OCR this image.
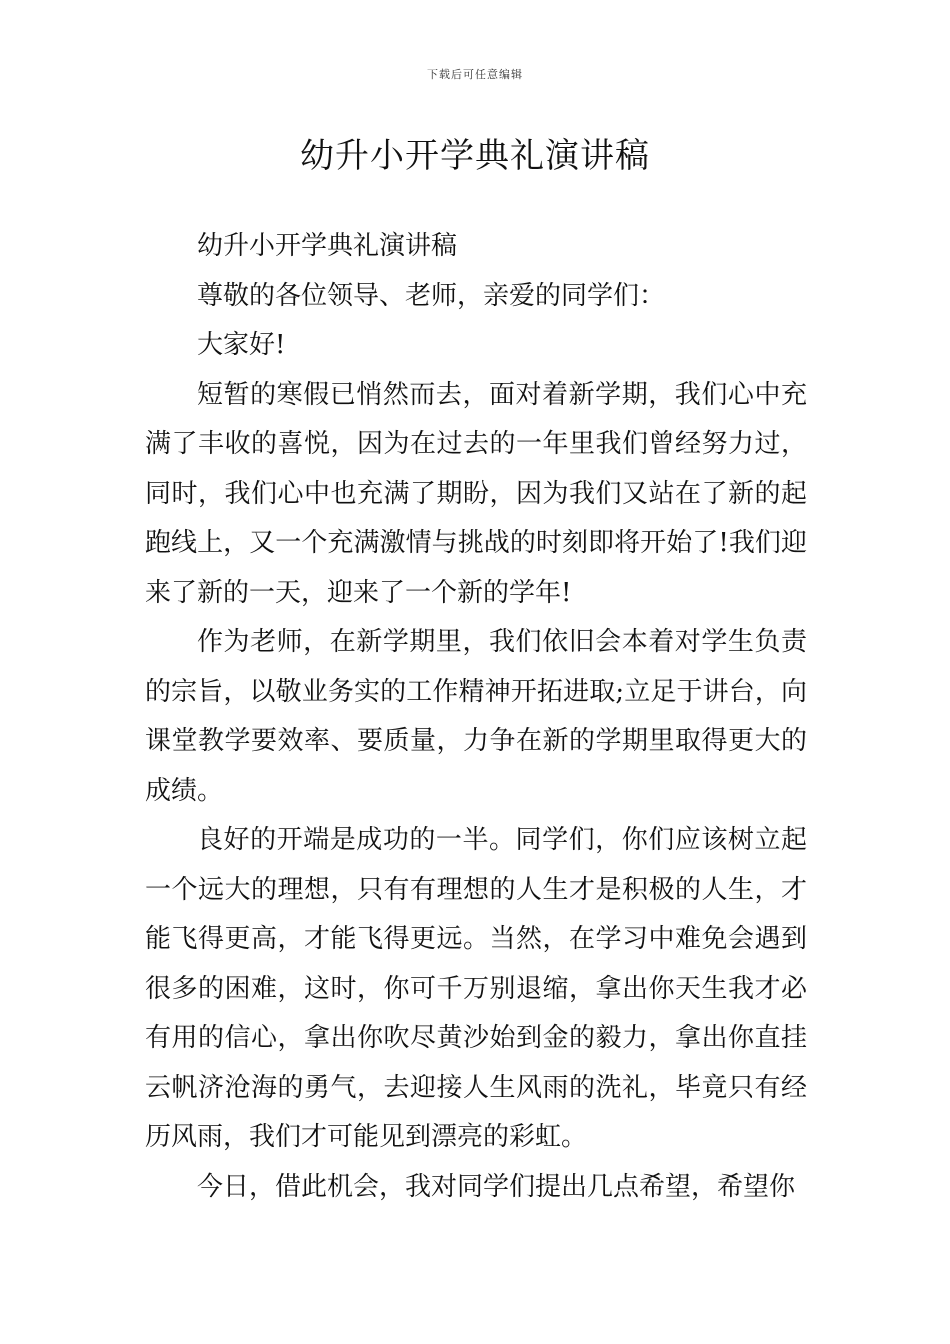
下载后可任意编辑
幼升小开学典礼演讲稿

幼升小开学典礼演讲稿

尊敬的各位领导、老师，亲爱的同学们：

大家好!

短暂的寒假已悄然而去，面对着新学期，我们心中充满了丰收的喜悦，因为在过去的一年里我们曾经努力过，同时，我们心中也充满了期盼，因为我们又站在了新的起跑线上，又一个充满激情与挑战的时刻即将开始了!我们迎来了新的一天，迎来了一个新的学年!

作为老师，在新学期里，我们依旧会本着对学生负责的宗旨，以敬业务实的工作精神开拓进取;立足于讲台，向课堂教学要效率、要质量，力争在新的学期里取得更大的成绩。

良好的开端是成功的一半。同学们，你们应该树立起一个远大的理想，只有有理想的人生才是积极的人生，才能飞得更高，才能飞得更远。当然，在学习中难免会遇到很多的困难，这时，你可千万别退缩，拿出你天生我才必有用的信心，拿出你吹尽黄沙始到金的毅力，拿出你直挂云帆济沧海的勇气，去迎接人生风雨的洗礼，毕竟只有经历风雨，我们才可能见到漂亮的彩虹。

今日，借此机会，我对同学们提出几点希望，希望你
